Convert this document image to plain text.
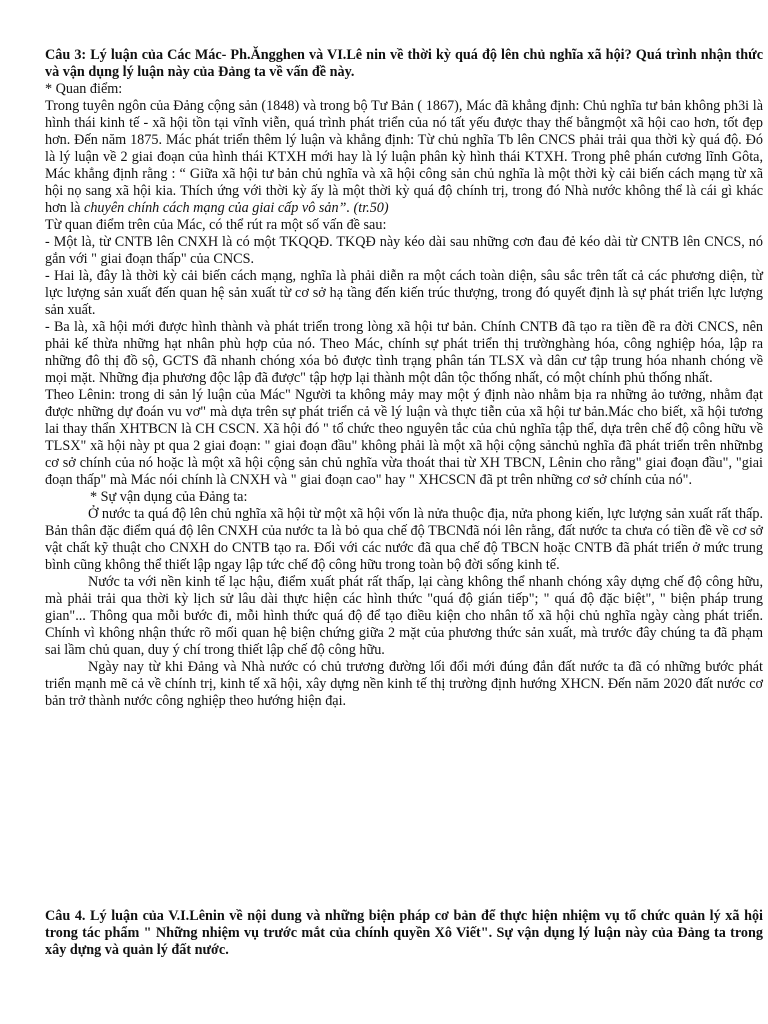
Câu 3: Lý luận của Các Mác- Ph.Ăngghen và VI.Lê nin về thời kỳ quá độ lên chủ nghĩa xã hội? Quá trình nhận thức và vận dụng lý luận này của Đảng ta về vấn đề này.

* Quan điểm:

Trong tuyên ngôn của Đảng cộng sản (1848) và trong bộ Tư Bản ( 1867), Mác đã khẳng định: Chủ nghĩa tư bản không ph3i là hình thái kinh tế - xã hội tồn tại vĩnh viễn, quá trình phát triển của nó tất yếu được thay thế bằngmột xã hội cao hơn, tốt đẹp hơn. Đến năm 1875. Mác phát triển thêm lý luận và khẳng định: Từ chủ nghĩa Tb lên CNCS phải trải qua thời kỳ quá độ. Đó là lý luận về 2 giai đoạn của hình thái KTXH mới hay là lý luận phân kỳ hình thái KTXH. Trong phê phán cương lĩnh Gôta, Mác khẳng định rằng : “ Giữa xã hội tư bản chủ nghĩa và xã hội công sản chủ nghĩa là một thời kỳ cải biến cách mạng từ xã hội nọ sang xã hội kia. Thích ứng với thời kỳ ấy là một thời kỳ quá độ chính trị, trong đó Nhà nước không thể là cái gì khác hơn là chuyên chính cách mạng của giai cấp vô sản”. (tr.50)

Từ quan điểm trên của Mác, có thể rút ra một số vấn đề sau:

- Một là, từ CNTB lên CNXH là có một TKQQĐ. TKQĐ này kéo dài sau những cơn đau đẻ kéo dài từ CNTB lên CNCS, nó gắn với " giai đoạn thấp" của CNCS.

- Hai là, đây là thời kỳ cải biến cách mạng, nghĩa là phải diễn ra một cách toàn diện, sâu sắc trên tất cả các phương diện, từ lực lượng sản xuất đến quan hệ sản xuất từ cơ sở hạ tầng đến kiến trúc thượng, trong đó quyết định là sự phát triển lực lượng sản xuất.

- Ba là, xã hội mới được hình thành và phát triển trong lòng xã hội tư bản. Chính CNTB đã tạo ra tiền đề ra đời CNCS, nên phải kế thừa những hạt nhân phù hợp của nó. Theo Mác, chính sự phát triển thị trườnghàng hóa, công nghiệp hóa, lập ra những đô thị đồ sộ, GCTS đã nhanh chóng xóa bỏ được tình trạng phân tán TLSX và dân cư tập trung hóa nhanh chóng về mọi mặt. Những địa phương độc lập đã được" tập hợp lại thành một dân tộc thống nhất, có một chính phủ thống nhất.

Theo Lênin: trong di sản lý luận của Mác" Người ta không mảy may một ý định nào nhằm bịa ra những ảo tưởng, nhằm đạt được những dự đoán vu vơ" mà dựa trên sự phát triển cả về lý luận và thực tiễn của xã hội tư bản.Mác cho biết, xã hội tương lai thay thẩn XHTBCN là CH CSCN. Xã hội đó " tổ chức theo nguyên tắc của chủ nghĩa tập thể, dựa trên chế độ công hữu về TLSX" xã hội này pt qua 2 giai đoạn: " giai đoạn đầu" không phải là một xã hội cộng sảnchủ nghĩa đã phát triển trên nhữnbg cơ sở chính của nó hoặc là một xã hội cộng sản chủ nghĩa vừa thoát thai từ XH TBCN, Lênin cho rằng" giai đoạn đầu", "giai đoạn thấp" mà Mác nói chính là CNXH và " giai đoạn cao" hay " XHCSCN đã pt trên những cơ sở chính của nó".

* Sự vận dụng của Đảng ta:

Ở nước ta quá độ lên chủ nghĩa xã hội từ một xã hội vốn là nửa thuộc địa, nửa phong kiến, lực lượng sản xuất rất thấp. Bản thân đặc điểm quá độ lên CNXH của nước ta là bỏ qua chế độ TBCNđã nói lên rằng, đất nước ta chưa có tiền đề về cơ sở vật chất kỹ thuật cho CNXH do CNTB tạo ra. Đối với các nước đã qua chế độ TBCN hoặc CNTB đã phát triển ở mức trung bình cũng không thể thiết lập ngay lập tức chế độ công hữu trong toàn bộ đời sống kinh tế.

Nước ta với nền kinh tế lạc hậu, điểm xuất phát rất thấp, lại càng không thể nhanh chóng xây dựng chế độ công hữu, mà phải trải qua thời kỳ lịch sử lâu dài thực hiện các hình thức "quá độ gián tiếp"; " quá độ đặc biệt", " biện pháp trung gian"... Thông qua mỗi bước đi, mỗi hình thức quá độ để tạo điều kiện cho nhân tố xã hội chủ nghĩa ngày càng phát triển. Chính vì không nhận thức rõ mối quan hệ biện chứng giữa 2 mặt của phương thức sản xuất, mà trước đây chúng ta đã phạm sai lầm chủ quan, duy ý chí trong thiết lập chế độ công hữu.

Ngày nay từ khi Đảng và Nhà nước có chủ trương đường lối đổi mới đúng đắn đất nước ta đã có những bước phát triển mạnh mẽ cả về chính trị, kinh tế xã hội, xây dựng nền kinh tế thị trường định hướng XHCN. Đến năm 2020 đất nước cơ bản trở thành nước công nghiệp theo hướng hiện đại.

Câu 4. Lý luận của V.I.Lênin về nội dung và những biện pháp cơ bản để thực hiện nhiệm vụ tổ chức quản lý xã hội trong tác phẩm " Những nhiệm vụ trước mắt của chính quyền Xô Viết". Sự vận dụng lý luận này của Đảng ta trong xây dựng và quản lý đất nước.
